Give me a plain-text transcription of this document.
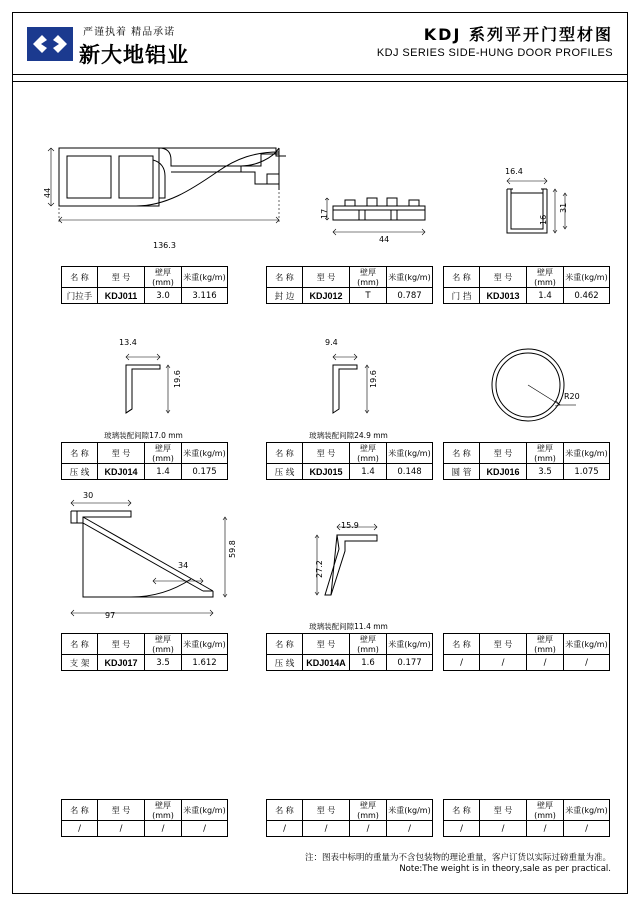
严谨执着 精品承诺
新大地铝业
KDJ 系列平开门型材图
KDJ SERIES SIDE-HUNG DOOR PROFILES
44
136.3
名 称	型 号	壁厚(mm)	米重(kg/m)
门拉手	KDJ011	3.0	3.116
17
44
名 称	型 号	壁厚(mm)	米重(kg/m)
封 边	KDJ012	T	0.787
16.4
31
16
名 称	型 号	壁厚(mm)	米重(kg/m)
门 挡	KDJ013	1.4	0.462
13.4
19.6
玻璃装配间隙17.0 mm
名 称	型 号	壁厚(mm)	米重(kg/m)
压 线	KDJ014	1.4	0.175
9.4
19.6
玻璃装配间隙24.9 mm
名 称	型 号	壁厚(mm)	米重(kg/m)
压 线	KDJ015	1.4	0.148
R20
名 称	型 号	壁厚(mm)	米重(kg/m)
圆 管	KDJ016	3.5	1.075
30
59.8
34
97
名 称	型 号	壁厚(mm)	米重(kg/m)
支 架	KDJ017	3.5	1.612
15.9
27.2
玻璃装配间隙11.4 mm
名 称	型 号	壁厚(mm)	米重(kg/m)
压 线	KDJ014A	1.6	0.177
名 称	型 号	壁厚(mm)	米重(kg/m)
/	/	/	/
名 称	型 号	壁厚(mm)	米重(kg/m)
/	/	/	/
名 称	型 号	壁厚(mm)	米重(kg/m)
/	/	/	/
名 称	型 号	壁厚(mm)	米重(kg/m)
/	/	/	/
注：图表中标明的重量为不含包装物的理论重量，客户订货以实际过磅重量为准。
Note:The weight is in theory,sale as per practical.
